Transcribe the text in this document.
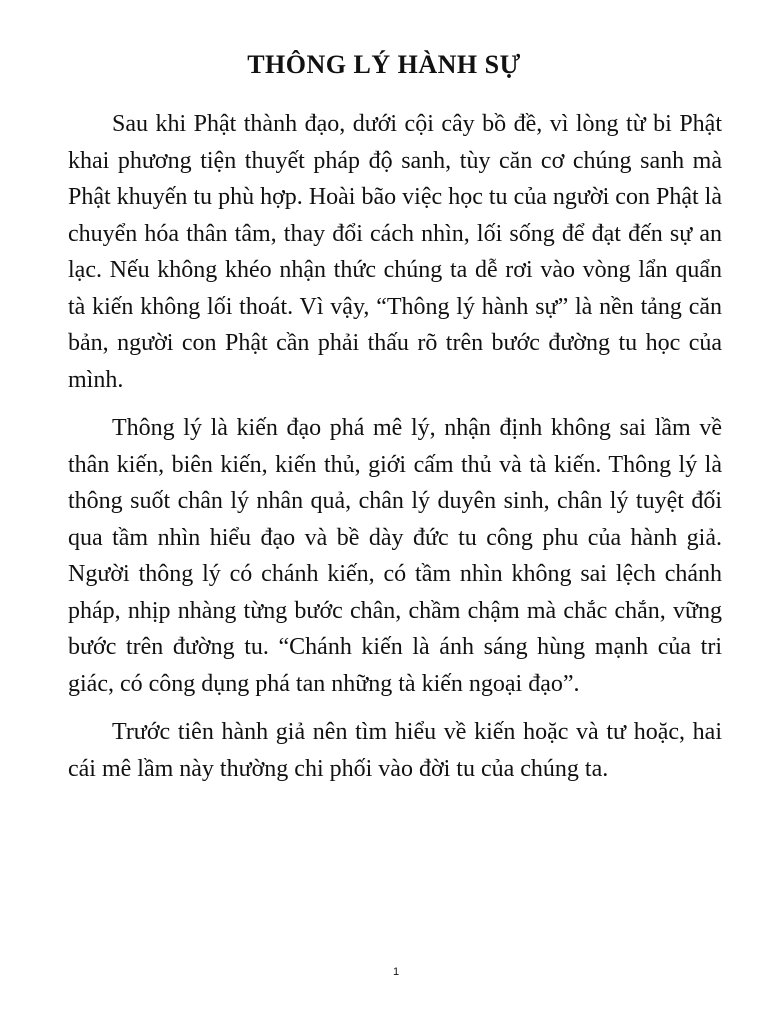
THÔNG LÝ HÀNH SỰ

Sau khi Phật thành đạo, dưới cội cây bồ đề, vì lòng từ bi Phật khai phương tiện thuyết pháp độ sanh, tùy căn cơ chúng sanh mà Phật khuyến tu phù hợp. Hoài bão việc học tu của người con Phật là chuyển hóa thân tâm, thay đổi cách nhìn, lối sống để đạt đến sự an lạc. Nếu không khéo nhận thức chúng ta dễ rơi vào vòng lẩn quẩn tà kiến không lối thoát. Vì vậy, “Thông lý hành sự” là nền tảng căn bản, người con Phật cần phải thấu rõ trên bước đường tu học của mình.

Thông lý là kiến đạo phá mê lý, nhận định không sai lầm về thân kiến, biên kiến, kiến thủ, giới cấm thủ và tà kiến. Thông lý là thông suốt chân lý nhân quả, chân lý duyên sinh, chân lý tuyệt đối qua tầm nhìn hiểu đạo và bề dày đức tu công phu của hành giả. Người thông lý có chánh kiến, có tầm nhìn không sai lệch chánh pháp, nhịp nhàng từng bước chân, chầm chậm mà chắc chắn, vững bước trên đường tu. “Chánh kiến là ánh sáng hùng mạnh của tri giác, có công dụng phá tan những tà kiến ngoại đạo”.

Trước tiên hành giả nên tìm hiểu về kiến hoặc và tư hoặc, hai cái mê lầm này thường chi phối vào đời tu của chúng ta.

1
